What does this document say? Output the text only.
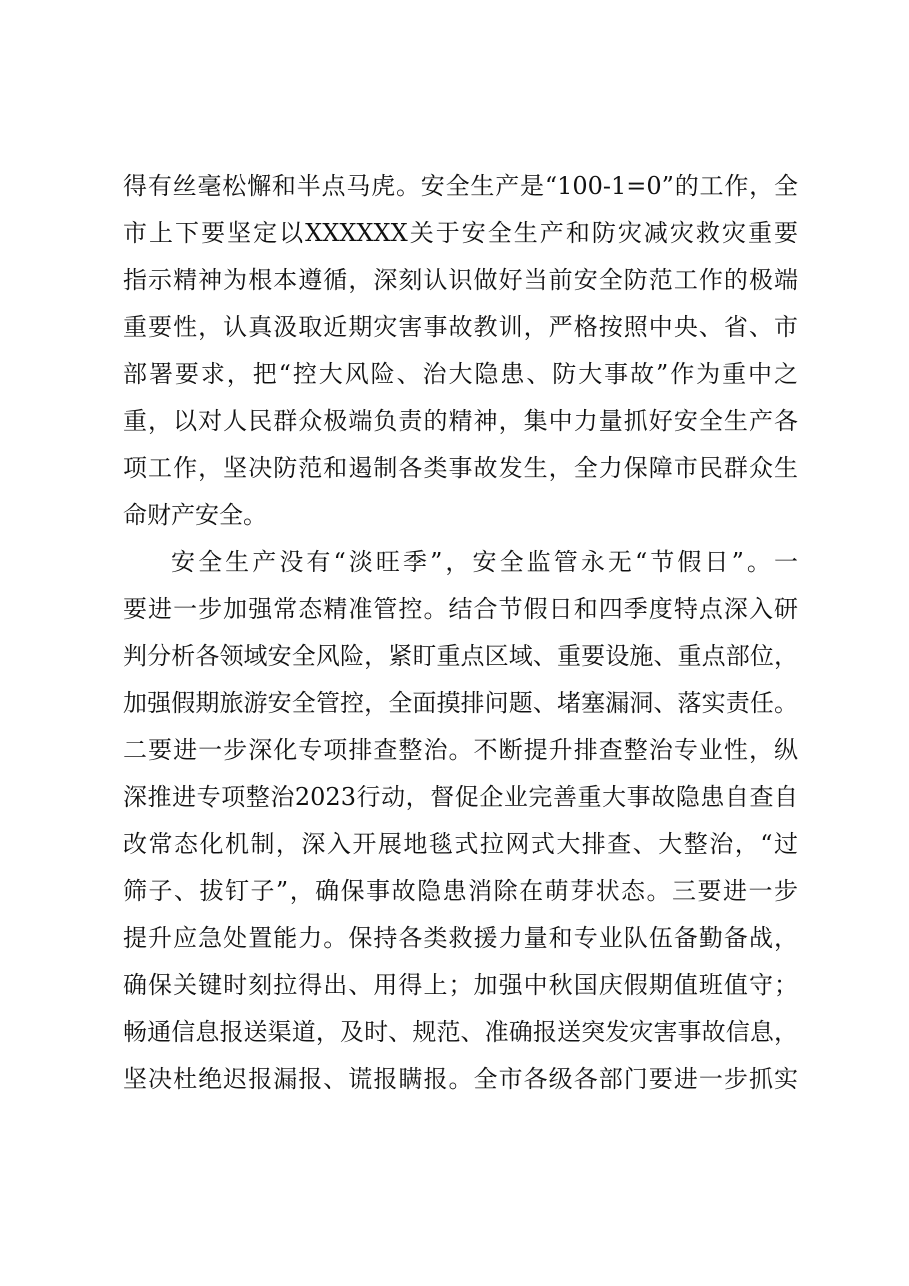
得有丝毫松懈和半点马虎。安全生产是“100-1=0”的工作，全
市上下要坚定以XXXXXX关于安全生产和防灾减灾救灾重要
指示精神为根本遵循，深刻认识做好当前安全防范工作的极端
重要性，认真汲取近期灾害事故教训，严格按照中央、省、市
部署要求，把“控大风险、治大隐患、防大事故”作为重中之
重，以对人民群众极端负责的精神，集中力量抓好安全生产各
项工作，坚决防范和遏制各类事故发生，全力保障市民群众生
命财产安全。
安全生产没有“淡旺季”，安全监管永无“节假日”。一
要进一步加强常态精准管控。结合节假日和四季度特点深入研
判分析各领域安全风险，紧盯重点区域、重要设施、重点部位，
加强假期旅游安全管控，全面摸排问题、堵塞漏洞、落实责任。
二要进一步深化专项排查整治。不断提升排查整治专业性，纵
深推进专项整治2023行动，督促企业完善重大事故隐患自查自
改常态化机制，深入开展地毯式拉网式大排查、大整治，“过
筛子、拔钉子”，确保事故隐患消除在萌芽状态。三要进一步
提升应急处置能力。保持各类救援力量和专业队伍备勤备战，
确保关键时刻拉得出、用得上；加强中秋国庆假期值班值守；
畅通信息报送渠道，及时、规范、准确报送突发灾害事故信息，
坚决杜绝迟报漏报、谎报瞒报。全市各级各部门要进一步抓实
